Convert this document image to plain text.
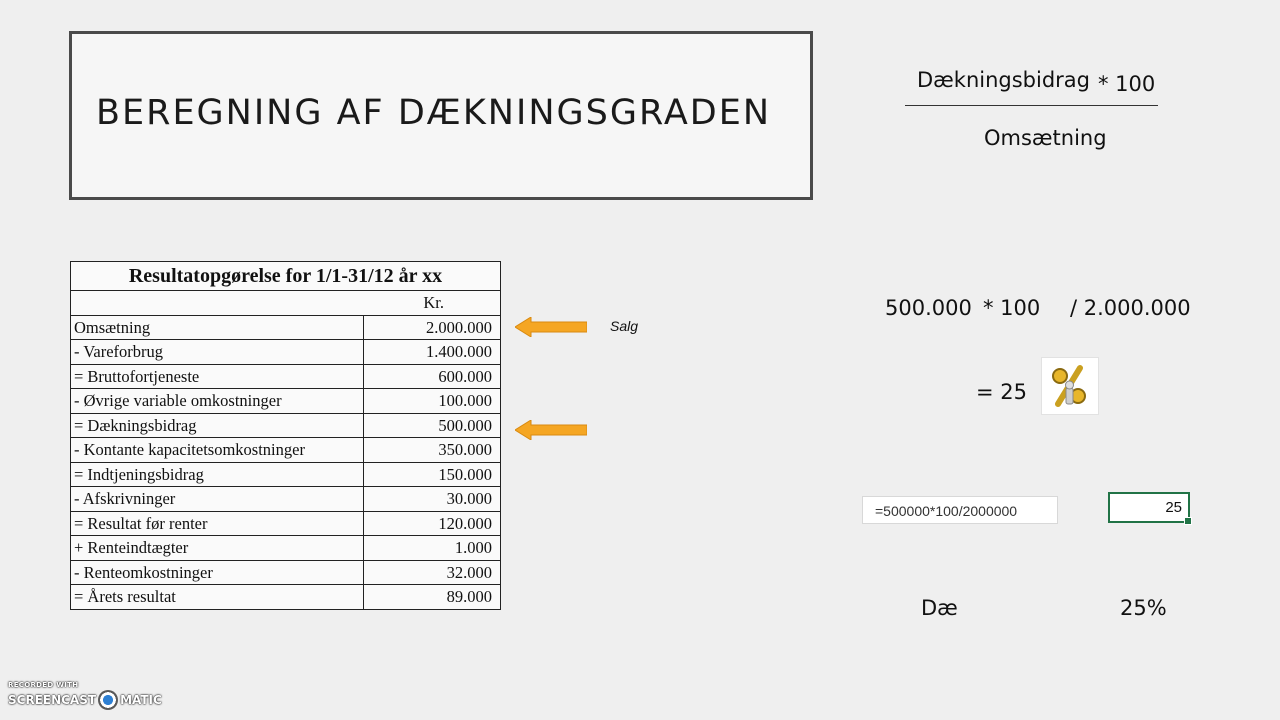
BEREGNING AF DÆKNINGSGRADEN
Dækningsbidrag * 100
Omsætning
Resultatopgørelse for 1/1-31/12 år xx	
Kr.	
Omsætning	2.000.000
- Vareforbrug	1.400.000
= Bruttofortjeneste	600.000
- Øvrige variable omkostninger	100.000
= Dækningsbidrag	500.000
- Kontante kapacitetsomkostninger	350.000
= Indtjeningsbidrag	150.000
- Afskrivninger	30.000
= Resultat før renter	120.000
+ Renteindtægter	1.000
- Renteomkostninger	32.000
= Årets resultat	89.000
Salg
500.000 * 100 / 2.000.000
= 25
=500000*100/2000000	25
Dæ	25%
RECORDED WITH
SCREENCAST MATIC
